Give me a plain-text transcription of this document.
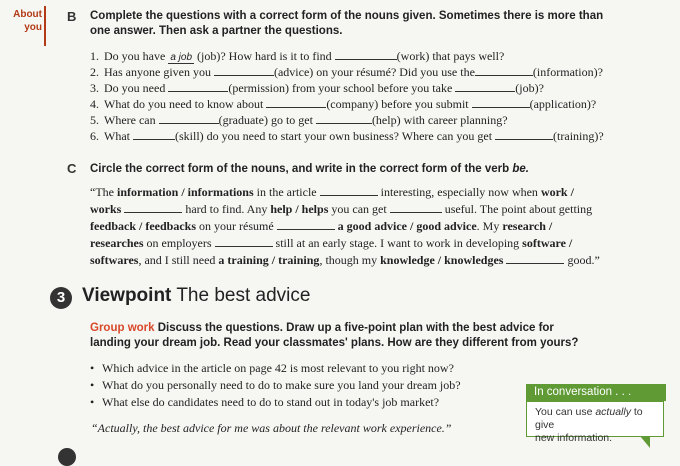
About
you
B Complete the questions with a correct form of the nouns given. Sometimes there is more than
one answer. Then ask a partner the questions.
1. Do you have a job (job)? How hard is it to find	(work) that pays well?
2. Has anyone given you	(advice) on your résumé? Did you use the	(information)?
3. Do you need	(permission) from your school before you take	(job)?
4. What do you need to know about	(company) before you submit	(application)?
5. Where can	(graduate) go to get	(help) with career planning?
6. What	(skill) do you need to start your own business? Where can you get	(training)?
C Circle the correct form of the nouns, and write in the correct form of the verb be.
“The information / informations in the article	interesting, especially now when work /
works	hard to find. Any help / helps you can get	useful. The point about getting
feedback / feedbacks on your résumé	a good advice / good advice. My research /
researches on employers	still at an early stage. I want to work in developing software /
softwares, and I still need a training / training, though my knowledge / knowledges	good.”
3 Viewpoint The best advice
Group work Discuss the questions. Draw up a five-point plan with the best advice for
landing your dream job. Read your classmates' plans. How are they different from yours?
• Which advice in the article on page 42 is most relevant to you right now?
• What do you personally need to do to make sure you land your dream job?
• What else do candidates need to do to stand out in today's job market?
“Actually, the best advice for me was about the relevant work experience.”
In conversation . . .
You can use actually to give
new information.
